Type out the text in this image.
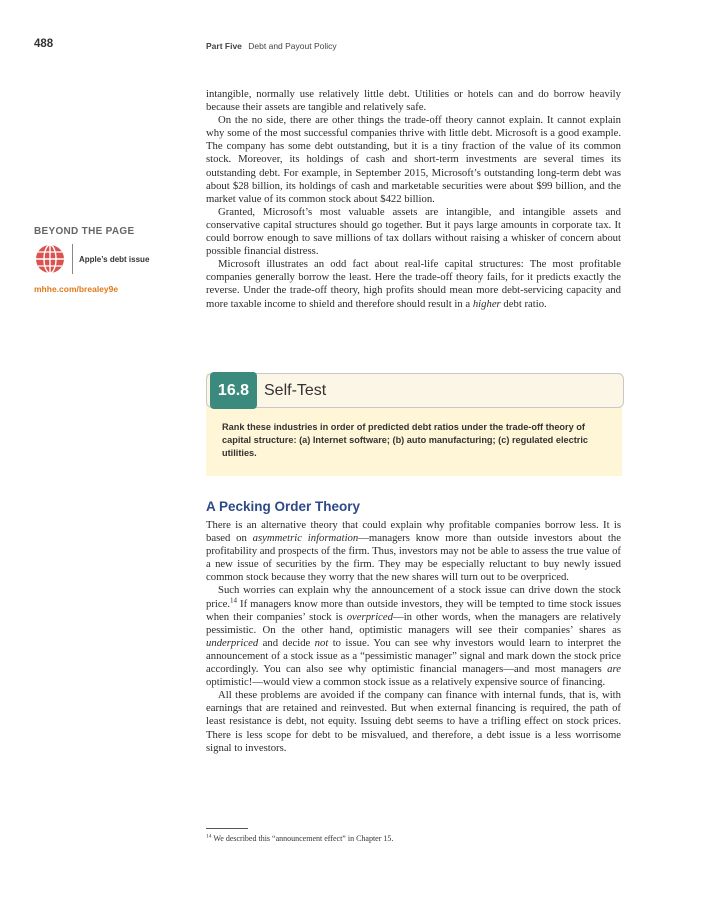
488	Part Five Debt and Payout Policy

intangible, normally use relatively little debt. Utilities or hotels can and do borrow heavily because their assets are tangible and relatively safe.

On the no side, there are other things the trade-off theory cannot explain. It cannot explain why some of the most successful companies thrive with little debt. Microsoft is a good example. The company has some debt outstanding, but it is a tiny fraction of the value of its common stock. Moreover, its holdings of cash and short-term investments are several times its outstanding debt. For example, in September 2015, Microsoft’s outstanding long-term debt was about $28 billion, its holdings of cash and marketable securities were about $99 billion, and the market value of its common stock about $422 billion.

Granted, Microsoft’s most valuable assets are intangible, and intangible assets and conservative capital structures should go together. But it pays large amounts in corporate tax. It could borrow enough to save millions of tax dollars without raising a whisker of concern about possible financial distress.

Microsoft illustrates an odd fact about real-life capital structures: The most profitable companies generally borrow the least. Here the trade-off theory fails, for it predicts exactly the reverse. Under the trade-off theory, high profits should mean more debt-servicing capacity and more taxable income to shield and therefore should result in a higher debt ratio.

BEYOND THE PAGE
Apple’s debt issue
mhhe.com/brealey9e
16.8 Self-Test
Rank these industries in order of predicted debt ratios under the trade-off theory of capital structure: (a) Internet software; (b) auto manufacturing; (c) regulated electric utilities.
A Pecking Order Theory

There is an alternative theory that could explain why profitable companies borrow less. It is based on asymmetric information—managers know more than outside investors about the profitability and prospects of the firm. Thus, investors may not be able to assess the true value of a new issue of securities by the firm. They may be especially reluctant to buy newly issued common stock because they worry that the new shares will turn out to be overpriced.

Such worries can explain why the announcement of a stock issue can drive down the stock price.$^{14}$ If managers know more than outside investors, they will be tempted to time stock issues when their companies’ stock is overpriced—in other words, when the managers are relatively pessimistic. On the other hand, optimistic managers will see their companies’ shares as underpriced and decide not to issue. You can see why investors would learn to interpret the announcement of a stock issue as a “pessimistic manager” signal and mark down the stock price accordingly. You can also see why optimistic financial managers—and most managers are optimistic!—would view a common stock issue as a relatively expensive source of financing.

All these problems are avoided if the company can finance with internal funds, that is, with earnings that are retained and reinvested. But when external financing is required, the path of least resistance is debt, not equity. Issuing debt seems to have a trifling effect on stock prices. There is less scope for debt to be misvalued, and therefore, a debt issue is a less worrisome signal to investors.

$^{14}$ We described this “announcement effect” in Chapter 15.
